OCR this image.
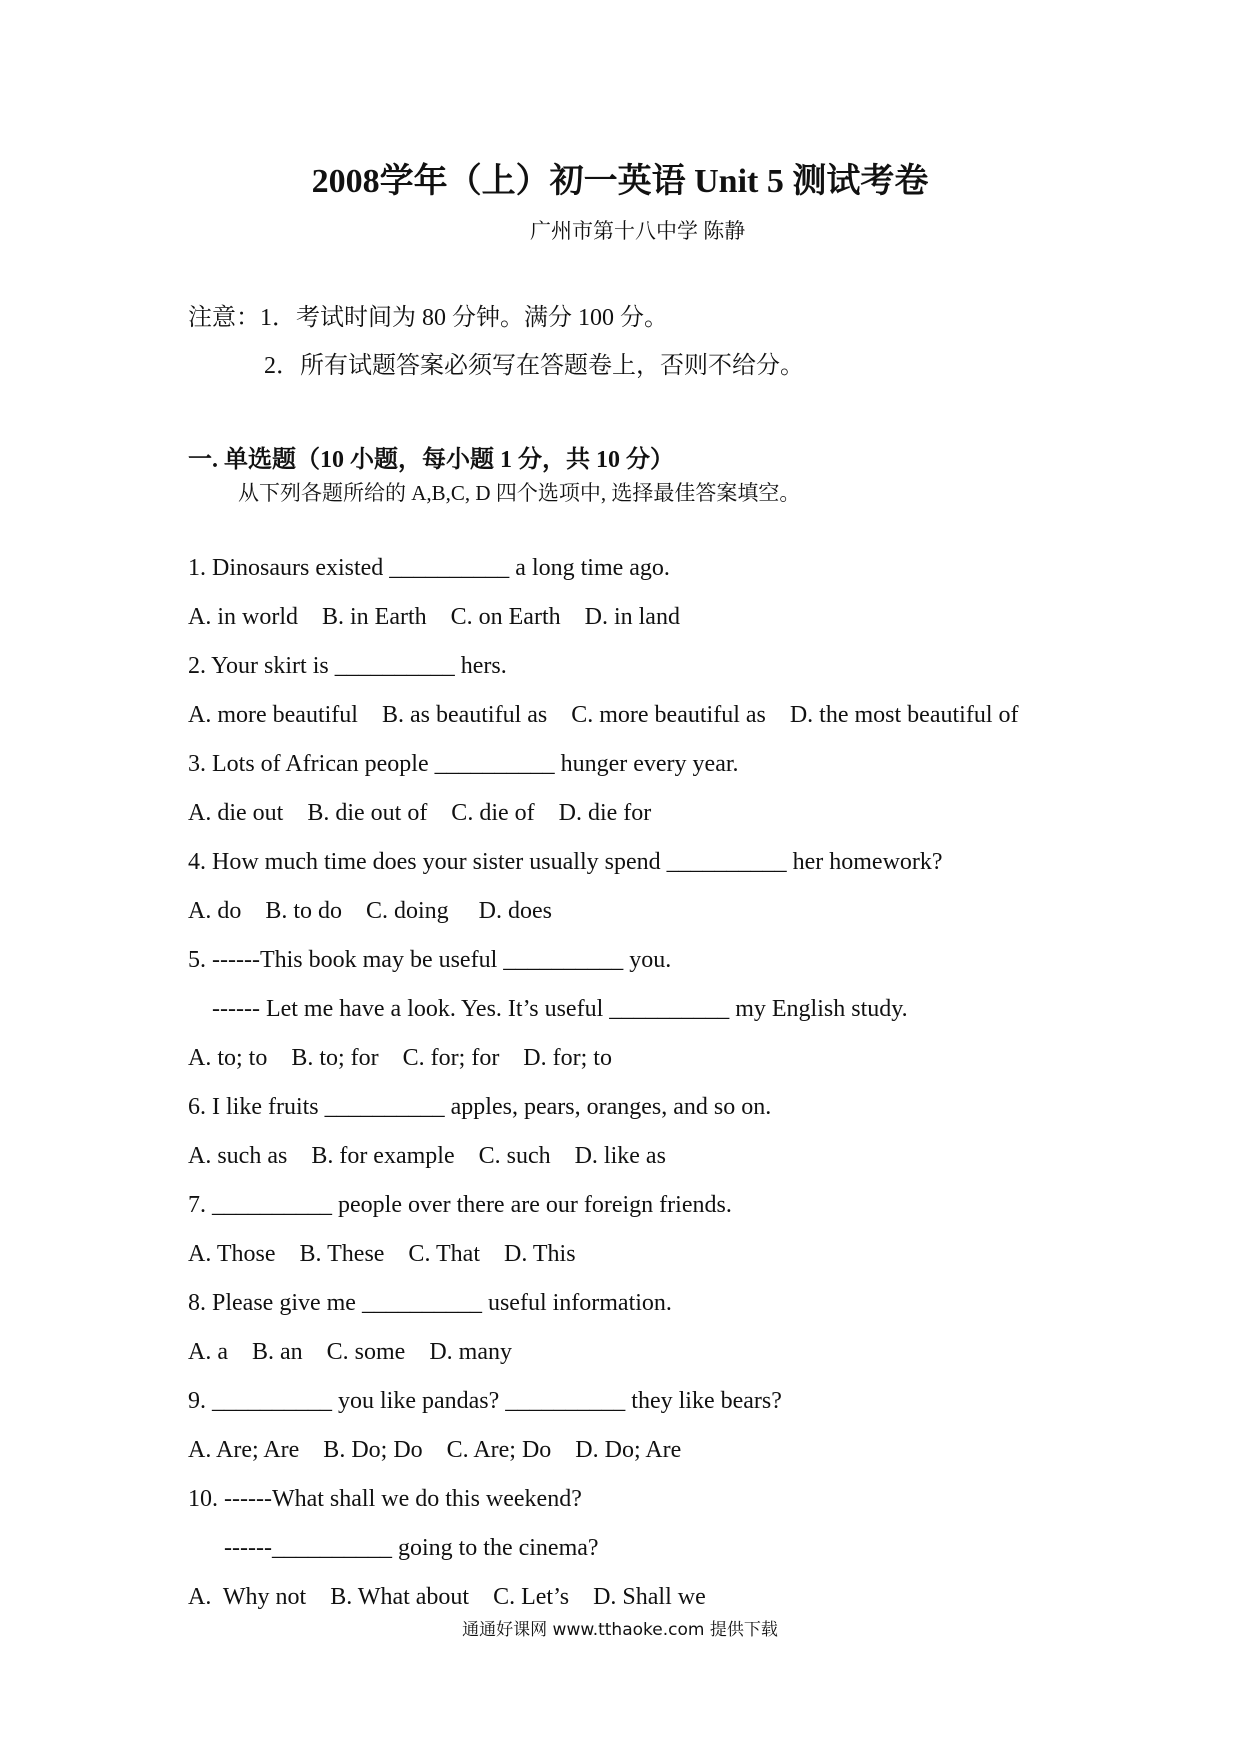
2008学年（上）初一英语 Unit 5 测试考卷
广州市第十八中学 陈静
注意：1．考试时间为 80 分钟。满分 100 分。
2．所有试题答案必须写在答题卷上，否则不给分。
一. 单选题（10 小题，每小题 1 分，共 10 分）
从下列各题所给的 A,B,C, D 四个选项中, 选择最佳答案填空。
1. Dinosaurs existed __________ a long time ago.
A. in world    B. in Earth    C. on Earth    D. in land
2. Your skirt is __________ hers.
A. more beautiful    B. as beautiful as    C. more beautiful as    D. the most beautiful of
3. Lots of African people __________ hunger every year.
A. die out    B. die out of    C. die of    D. die for
4. How much time does your sister usually spend __________ her homework?
A. do    B. to do    C. doing     D. does
5. ------This book may be useful __________ you.
------ Let me have a look. Yes. It’s useful __________ my English study.
A. to; to    B. to; for    C. for; for    D. for; to
6. I like fruits __________ apples, pears, oranges, and so on.
A. such as    B. for example    C. such    D. like as
7. __________ people over there are our foreign friends.
A. Those    B. These    C. That    D. This
8. Please give me __________ useful information.
A. a    B. an    C. some    D. many
9. __________ you like pandas? __________ they like bears?
A. Are; Are    B. Do; Do    C. Are; Do    D. Do; Are
10. ------What shall we do this weekend?
------__________ going to the cinema?
A.  Why not    B. What about    C. Let’s    D. Shall we
通通好课网 www.tthaoke.com 提供下载
